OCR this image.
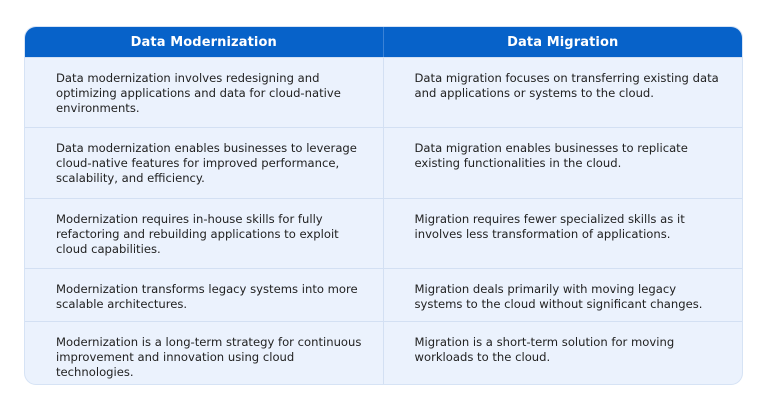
Data Modernization	Data Migration
Data modernization involves redesigning and optimizing applications and data for cloud-native environments.
Data migration focuses on transferring existing data and applications or systems to the cloud.
Data modernization enables businesses to leverage cloud-native features for improved performance, scalability, and efficiency.
Data migration enables businesses to replicate existing functionalities in the cloud.
Modernization requires in-house skills for fully refactoring and rebuilding applications to exploit cloud capabilities.
Migration requires fewer specialized skills as it involves less transformation of applications.
Modernization transforms legacy systems into more scalable architectures.
Migration deals primarily with moving legacy systems to the cloud without significant changes.
Modernization is a long-term strategy for continuous improvement and innovation using cloud technologies.
Migration is a short-term solution for moving workloads to the cloud.
